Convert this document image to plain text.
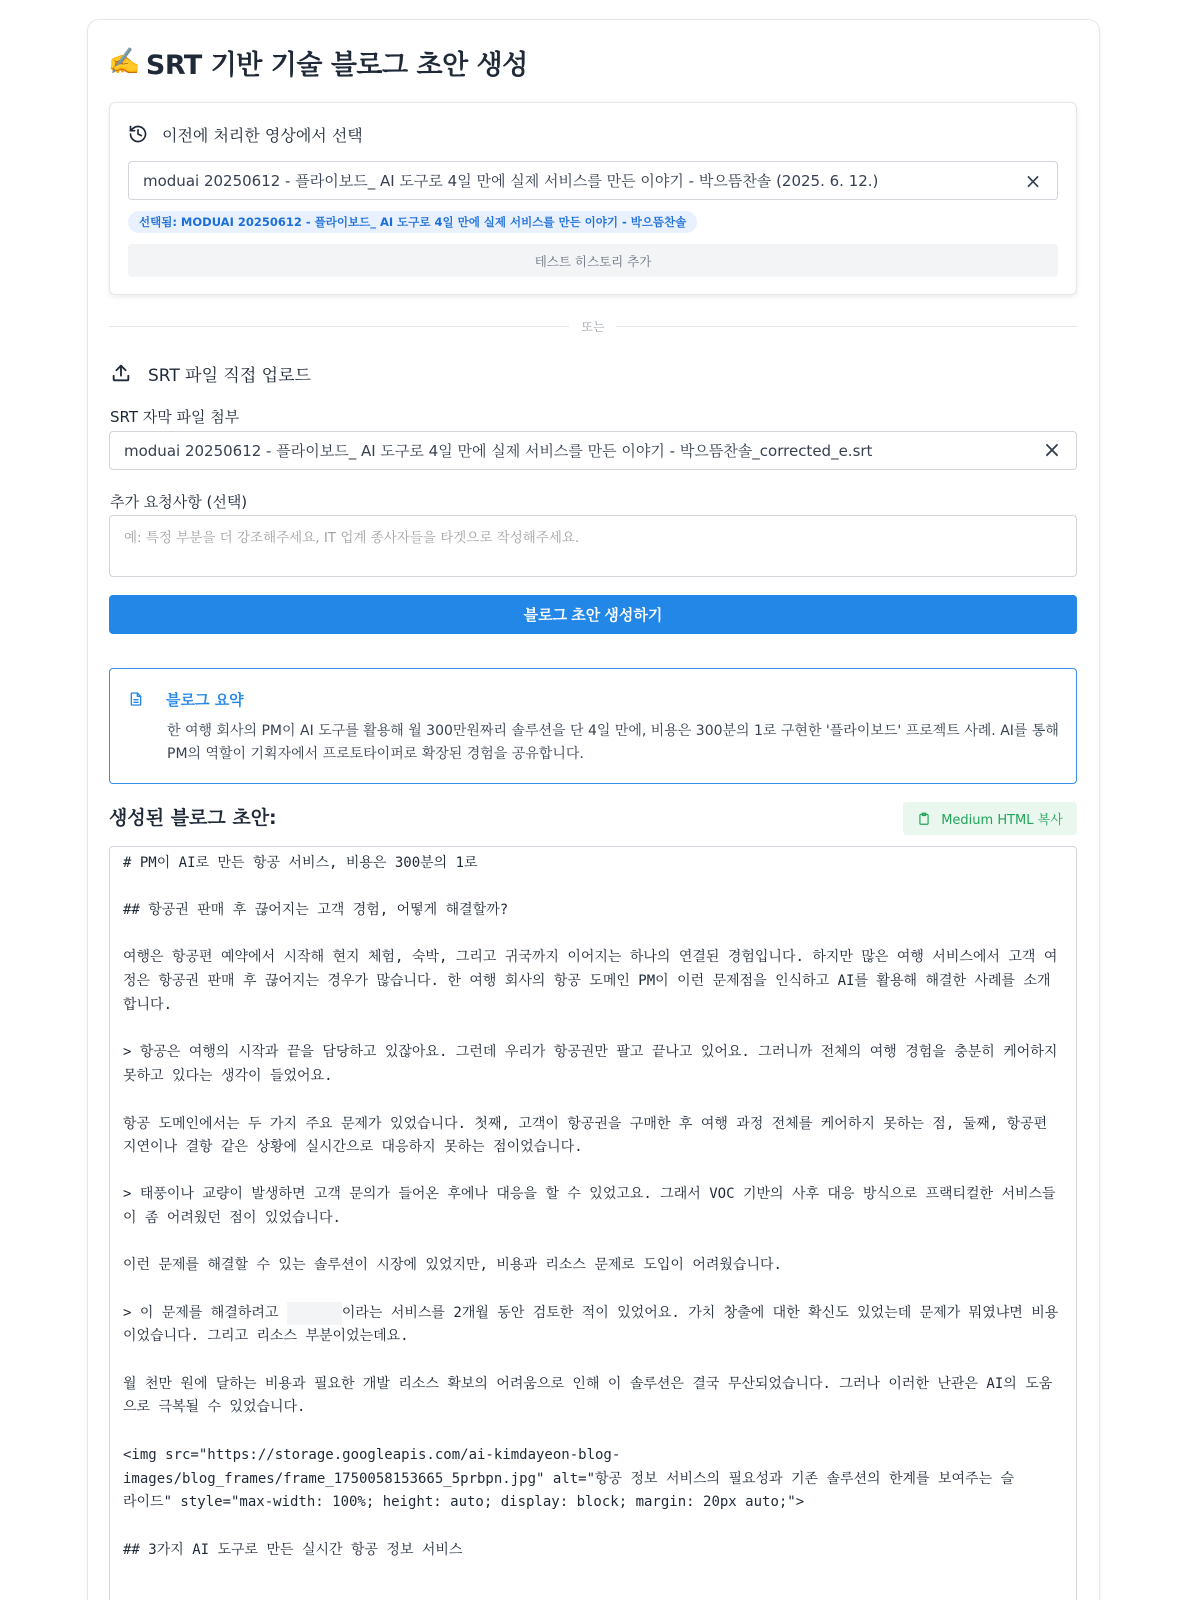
✍️ SRT 기반 기술 블로그 초안 생성
이전에 처리한 영상에서 선택
moduai 20250612 - 플라이보드_ AI 도구로 4일 만에 실제 서비스를 만든 이야기 - 박으뜸찬솔 (2025. 6. 12.)	×
선택됨: MODUAI 20250612 - 플라이보드_ AI 도구로 4일 만에 실제 서비스를 만든 이야기 - 박으뜸찬솔
테스트 히스토리 추가
또는
SRT 파일 직접 업로드
SRT 자막 파일 첨부
moduai 20250612 - 플라이보드_ AI 도구로 4일 만에 실제 서비스를 만든 이야기 - 박으뜸찬솔_corrected_e.srt	×
추가 요청사항 (선택)
예: 특정 부분을 더 강조해주세요, IT 업계 종사자들을 타겟으로 작성해주세요.
블로그 초안 생성하기
블로그 요약
한 여행 회사의 PM이 AI 도구를 활용해 월 300만원짜리 솔루션을 단 4일 만에, 비용은 300분의 1로 구현한 '플라이보드' 프로젝트 사례. AI를 통해
PM의 역할이 기획자에서 프로토타이퍼로 확장된 경험을 공유합니다.
생성된 블로그 초안:	Medium HTML 복사
# PM이 AI로 만든 항공 서비스, 비용은 300분의 1로
## 항공권 판매 후 끊어지는 고객 경험, 어떻게 해결할까?
여행은 항공편 예약에서 시작해 현지 체험, 숙박, 그리고 귀국까지 이어지는 하나의 연결된 경험입니다. 하지만 많은 여행 서비스에서 고객 여
정은 항공권 판매 후 끊어지는 경우가 많습니다. 한 여행 회사의 항공 도메인 PM이 이런 문제점을 인식하고 AI를 활용해 해결한 사례를 소개
합니다.
> 항공은 여행의 시작과 끝을 담당하고 있잖아요. 그런데 우리가 항공권만 팔고 끝나고 있어요. 그러니까 전체의 여행 경험을 충분히 케어하지
못하고 있다는 생각이 들었어요.
항공 도메인에서는 두 가지 주요 문제가 있었습니다. 첫째, 고객이 항공권을 구매한 후 여행 과정 전체를 케어하지 못하는 점, 둘째, 항공편
지연이나 결항 같은 상황에 실시간으로 대응하지 못하는 점이었습니다.
> 태풍이나 교량이 발생하면 고객 문의가 들어온 후에나 대응을 할 수 있었고요. 그래서 VOC 기반의 사후 대응 방식으로 프랙티컬한 서비스들
이 좀 어려웠던 점이 있었습니다.
이런 문제를 해결할 수 있는 솔루션이 시장에 있었지만, 비용과 리소스 문제로 도입이 어려웠습니다.
> 이 문제를 해결하려고	이라는 서비스를 2개월 동안 검토한 적이 있었어요. 가치 창출에 대한 확신도 있었는데 문제가 뭐였냐면 비용
이었습니다. 그리고 리소스 부분이었는데요.
월 천만 원에 달하는 비용과 필요한 개발 리소스 확보의 어려움으로 인해 이 솔루션은 결국 무산되었습니다. 그러나 이러한 난관은 AI의 도움
으로 극복될 수 있었습니다.
<img src="https://storage.googleapis.com/ai-kimdayeon-blog-
images/blog_frames/frame_1750058153665_5prbpn.jpg" alt="항공 정보 서비스의 필요성과 기존 솔루션의 한계를 보여주는 슬
라이드" style="max-width: 100%; height: auto; display: block; margin: 20px auto;">
## 3가지 AI 도구로 만든 실시간 항공 정보 서비스
